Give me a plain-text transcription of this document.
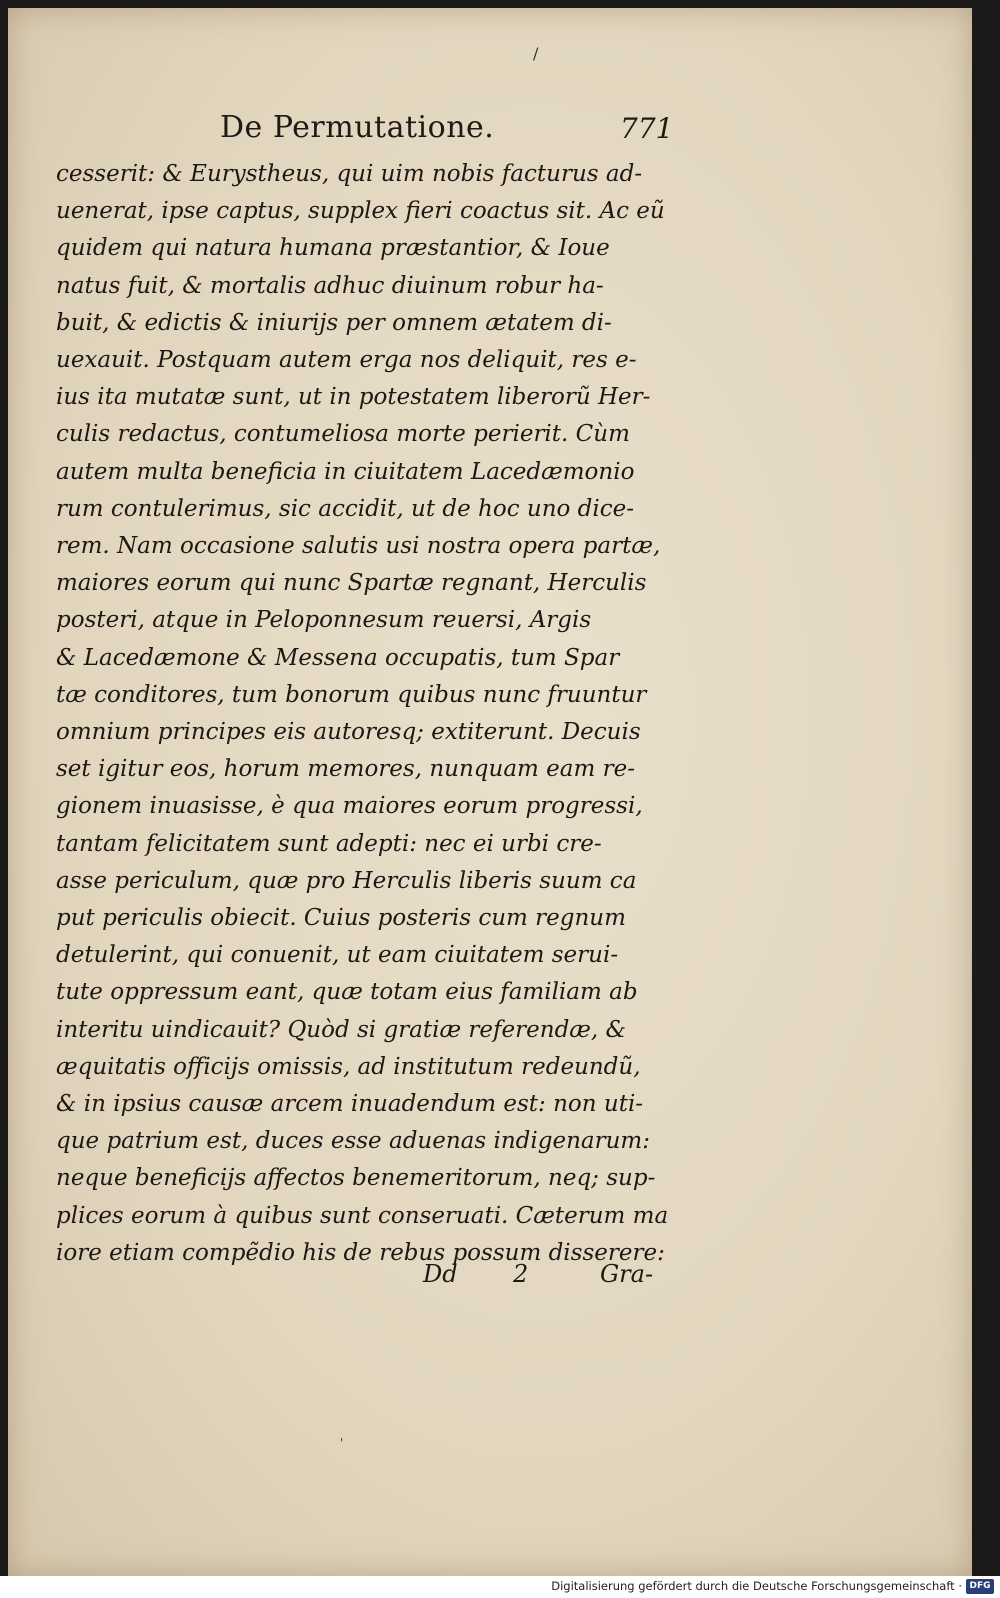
/
'
De Permutatione.	771
cesserit: & Eurystheus, qui uim nobis facturus ad-
uenerat, ipse captus, supplex fieri coactus sit. Ac eũ
quidem qui natura humana præstantior, & Ioue
natus fuit, & mortalis adhuc diuinum robur ha-
buit, & edictis & iniurijs per omnem ætatem di-
uexauit. Postquam autem erga nos deliquit, res e-
ius ita mutatæ sunt, ut in potestatem liberorũ Her-
culis redactus, contumeliosa morte perierit. Cùm
autem multa beneficia in ciuitatem Lacedæmonio
rum contulerimus, sic accidit, ut de hoc uno dice-
rem. Nam occasione salutis usi nostra opera partæ,
maiores eorum qui nunc Spartæ regnant, Herculis
posteri, atque in Peloponnesum reuersi, Argis
& Lacedæmone & Messena occupatis, tum Spar
tæ conditores, tum bonorum quibus nunc fruuntur
omnium principes eis autoresq; extiterunt. Decuis
set igitur eos, horum memores, nunquam eam re-
gionem inuasisse, è qua maiores eorum progressi,
tantam felicitatem sunt adepti: nec ei urbi cre-
asse periculum, quæ pro Herculis liberis suum ca
put periculis obiecit. Cuius posteris cum regnum
detulerint, qui conuenit, ut eam ciuitatem serui-
tute oppressum eant, quæ totam eius familiam ab
interitu uindicauit? Quòd si gratiæ referendæ, &
æquitatis officijs omissis, ad institutum redeundũ,
& in ipsius causæ arcem inuadendum est: non uti-
que patrium est, duces esse aduenas indigenarum:
neque beneficijs affectos benemeritorum, neq; sup-
plices eorum à quibus sunt conseruati. Cæterum ma
iore etiam compẽdio his de rebus possum disserere:
Dd 2	Gra-
Digitalisierung gefördert durch die Deutsche Forschungsgemeinschaft · DFG
